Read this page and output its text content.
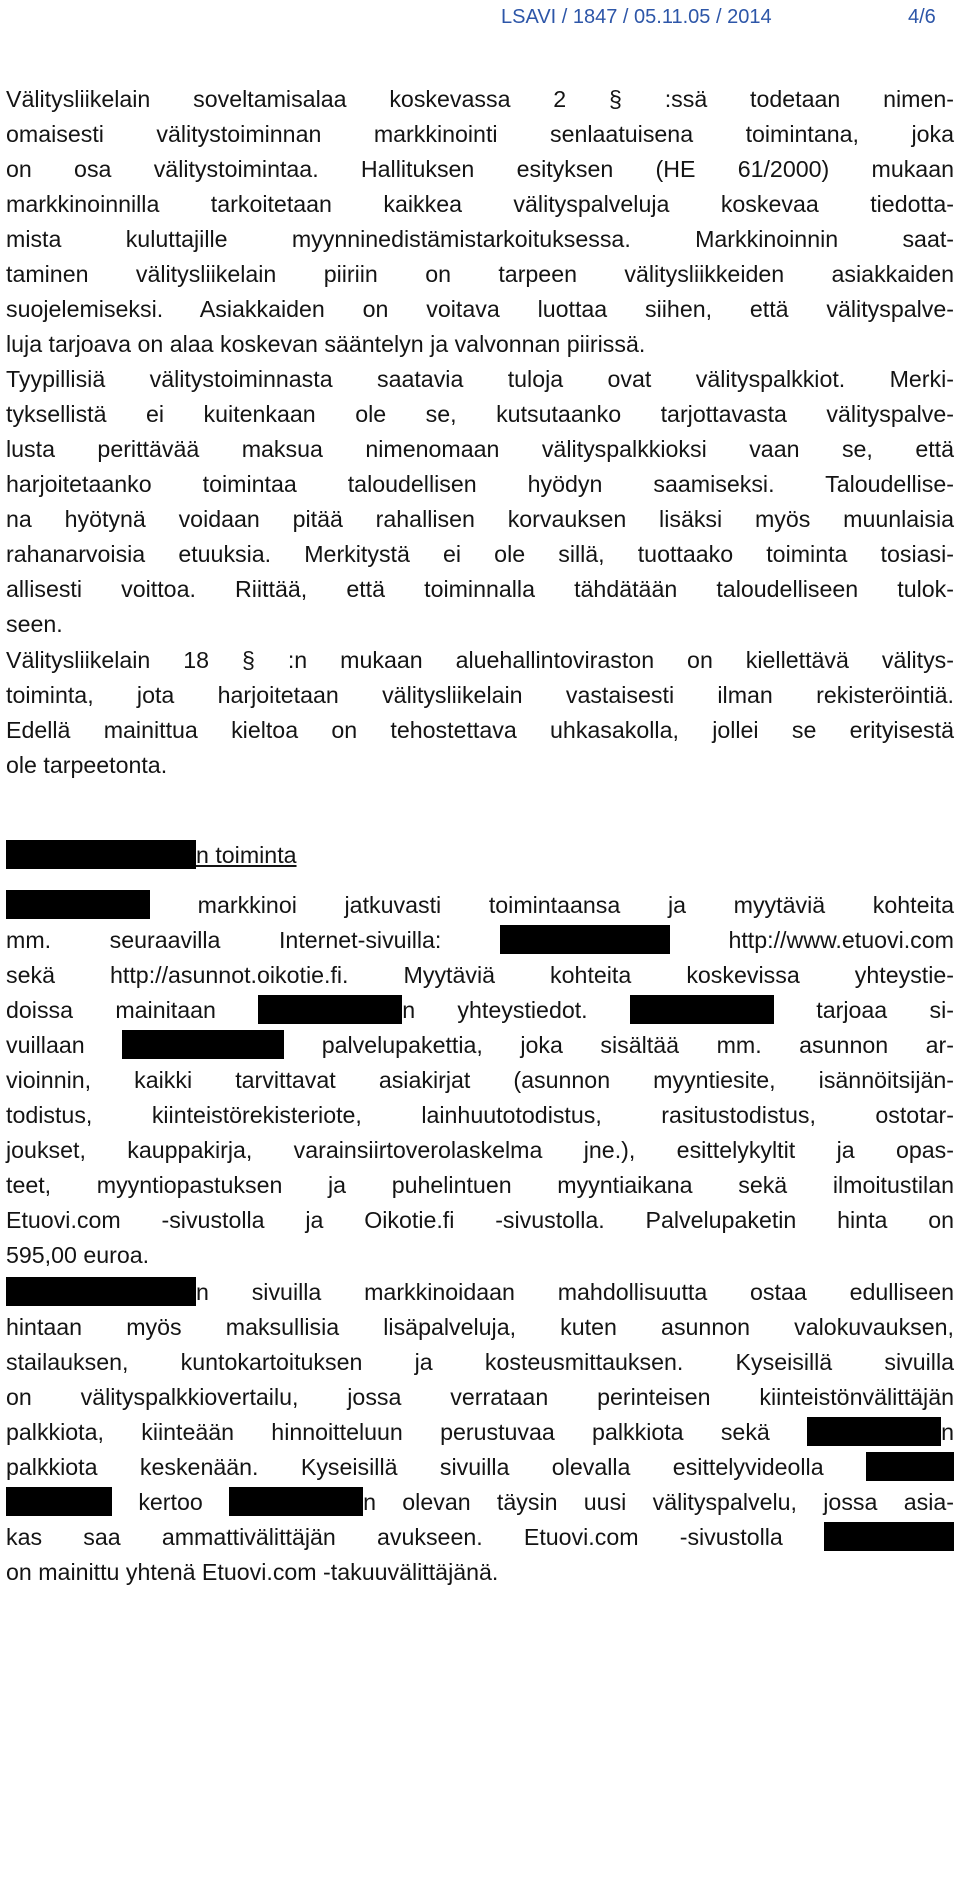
LSAVI / 1847 / 05.11.05 / 2014	4/6
Välitysliikelain soveltamisalaa koskevassa 2 § :ssä todetaan nimen-
omaisesti välitystoiminnan markkinointi senlaatuisena toimintana, joka
on osa välitystoimintaa. Hallituksen esityksen (HE 61/2000) mukaan
markkinoinnilla tarkoitetaan kaikkea välityspalveluja koskevaa tiedotta-
mista kuluttajille myynninedistämistarkoituksessa. Markkinoinnin saat-
taminen välitysliikelain piiriin on tarpeen välitysliikkeiden asiakkaiden
suojelemiseksi. Asiakkaiden on voitava luottaa siihen, että välityspalve-
luja tarjoava on alaa koskevan sääntelyn ja valvonnan piirissä.
Tyypillisiä välitystoiminnasta saatavia tuloja ovat välityspalkkiot. Merki-
tyksellistä ei kuitenkaan ole se, kutsutaanko tarjottavasta välityspalve-
lusta perittävää maksua nimenomaan välityspalkkioksi vaan se, että
harjoitetaanko toimintaa taloudellisen hyödyn saamiseksi. Taloudellise-
na hyötynä voidaan pitää rahallisen korvauksen lisäksi myös muunlaisia
rahanarvoisia etuuksia. Merkitystä ei ole sillä, tuottaako toiminta tosiasi-
allisesti voittoa. Riittää, että toiminnalla tähdätään taloudelliseen tulok-
seen.
Välitysliikelain 18 § :n mukaan aluehallintoviraston on kiellettävä välitys-
toiminta, jota harjoitetaan välitysliikelain vastaisesti ilman rekisteröintiä.
Edellä mainittua kieltoa on tehostettava uhkasakolla, jollei se erityisestä
ole tarpeetonta.
n toiminta
markkinoi jatkuvasti toimintaansa ja myytäviä kohteita
mm. seuraavilla Internet-sivuilla:	http://www.etuovi.com
sekä http://asunnot.oikotie.fi. Myytäviä kohteita koskevissa yhteystie-
doissa mainitaan	n yhteystiedot.	tarjoaa si-
vuillaan	palvelupakettia, joka sisältää mm. asunnon ar-
vioinnin, kaikki tarvittavat asiakirjat (asunnon myyntiesite, isännöitsijän-
todistus, kiinteistörekisteriote, lainhuutotodistus, rasitustodistus, ostotar-
joukset, kauppakirja, varainsiirtoverolaskelma jne.), esittelykyltit ja opas-
teet, myyntiopastuksen ja puhelintuen myyntiaikana sekä ilmoitustilan
Etuovi.com -sivustolla ja Oikotie.fi -sivustolla. Palvelupaketin hinta on
595,00 euroa.
n sivuilla markkinoidaan mahdollisuutta ostaa edulliseen
hintaan myös maksullisia lisäpalveluja, kuten asunnon valokuvauksen,
stailauksen, kuntokartoituksen ja kosteusmittauksen. Kyseisillä sivuilla
on välityspalkkiovertailu, jossa verrataan perinteisen kiinteistönvälittäjän
palkkiota, kiinteään hinnoitteluun perustuvaa palkkiota sekä	n
palkkiota keskenään. Kyseisillä sivuilla olevalla esittelyvideolla
kertoo	n olevan täysin uusi välityspalvelu, jossa asia-
kas saa ammattivälittäjän avukseen. Etuovi.com -sivustolla
on mainittu yhtenä Etuovi.com -takuuvälittäjänä.
